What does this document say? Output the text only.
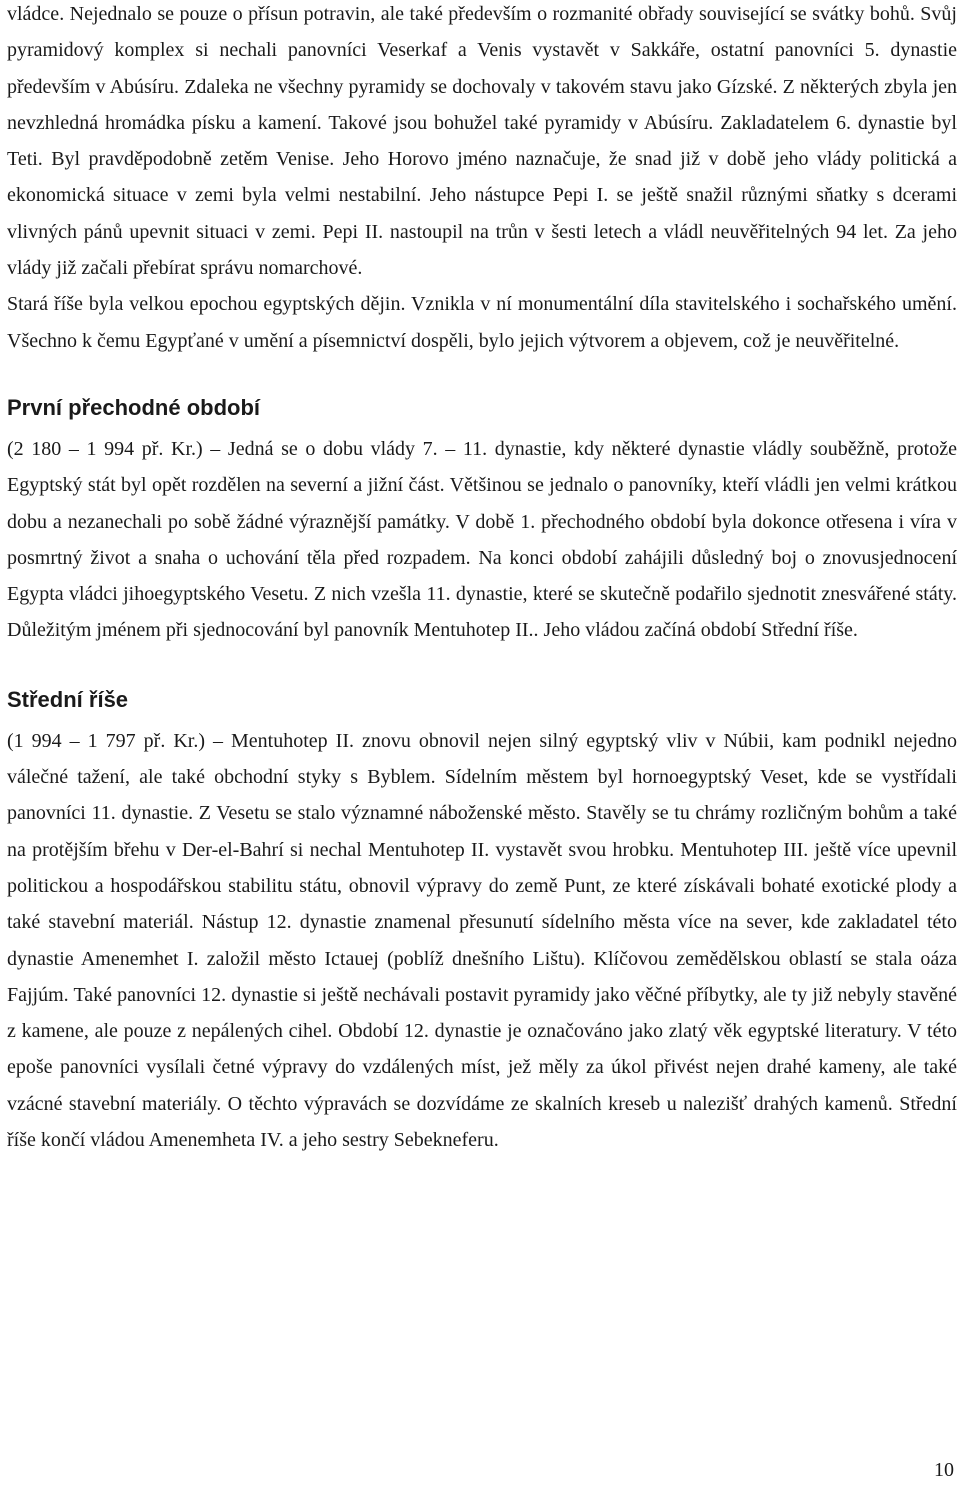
vládce. Nejednalo se pouze o přísun potravin, ale také především o rozmanité obřady související se svátky bohů. Svůj pyramidový komplex si nechali panovníci Veserkaf a Venis vystavět v Sakkáře, ostatní panovníci 5. dynastie především v Abúsíru. Zdaleka ne všechny pyramidy se dochovaly v takovém stavu jako Gízské. Z některých zbyla jen nevzhledná hromádka písku a kamení. Takové jsou bohužel také pyramidy v Abúsíru. Zakladatelem 6. dynastie byl Teti. Byl pravděpodobně zetěm Venise. Jeho Horovo jméno naznačuje, že snad již v době jeho vlády politická a ekonomická situace v zemi byla velmi nestabilní. Jeho nástupce Pepi I. se ještě snažil různými sňatky s dcerami vlivných pánů upevnit situaci v zemi. Pepi II. nastoupil na trůn v šesti letech a vládl neuvěřitelných 94 let. Za jeho vlády již začali přebírat správu nomarchové.

Stará říše byla velkou epochou egyptských dějin. Vznikla v ní monumentální díla stavitelského i sochařského umění. Všechno k čemu Egypťané v umění a písemnictví dospěli, bylo jejich výtvorem a objevem, což je neuvěřitelné.

První přechodné období

(2 180 – 1 994 př. Kr.) – Jedná se o dobu vlády 7. – 11. dynastie, kdy některé dynastie vládly souběžně, protože Egyptský stát byl opět rozdělen na severní a jižní část. Většinou se jednalo o panovníky, kteří vládli jen velmi krátkou dobu a nezanechali po sobě žádné výraznější památky. V době 1. přechodného období byla dokonce otřesena i víra v posmrtný život a snaha o uchování těla před rozpadem. Na konci období zahájili důsledný boj o znovusjednocení Egypta vládci jihoegyptského Vesetu. Z nich vzešla 11. dynastie, které se skutečně podařilo sjednotit znesvářené státy. Důležitým jménem při sjednocování byl panovník Mentuhotep II.. Jeho vládou začíná období Střední říše.

Střední říše

(1 994 – 1 797 př. Kr.) – Mentuhotep II. znovu obnovil nejen silný egyptský vliv v Núbii, kam podnikl nejedno válečné tažení, ale také obchodní styky s Byblem. Sídelním městem byl hornoegyptský Veset, kde se vystřídali panovníci 11. dynastie. Z Vesetu se stalo významné náboženské město. Stavěly se tu chrámy rozličným bohům a také na protějším břehu v Der-el-Bahrí si nechal Mentuhotep II. vystavět svou hrobku. Mentuhotep III. ještě více upevnil politickou a hospodářskou stabilitu státu, obnovil výpravy do země Punt, ze které získávali bohaté exotické plody a také stavební materiál. Nástup 12. dynastie znamenal přesunutí sídelního města více na sever, kde zakladatel této dynastie Amenemhet I. založil město Ictauej (poblíž dnešního Lištu). Klíčovou zemědělskou oblastí se stala oáza Fajjúm. Také panovníci 12. dynastie si ještě nechávali postavit pyramidy jako věčné příbytky, ale ty již nebyly stavěné z kamene, ale pouze z nepálených cihel. Období 12. dynastie je označováno jako zlatý věk egyptské literatury. V této epoše panovníci vysílali četné výpravy do vzdálených míst, jež měly za úkol přivést nejen drahé kameny, ale také vzácné stavební materiály. O těchto výpravách se dozvídáme ze skalních kreseb u nalezišť drahých kamenů. Střední říše končí vládou Amenemheta IV. a jeho sestry Sebekneferu.

10
